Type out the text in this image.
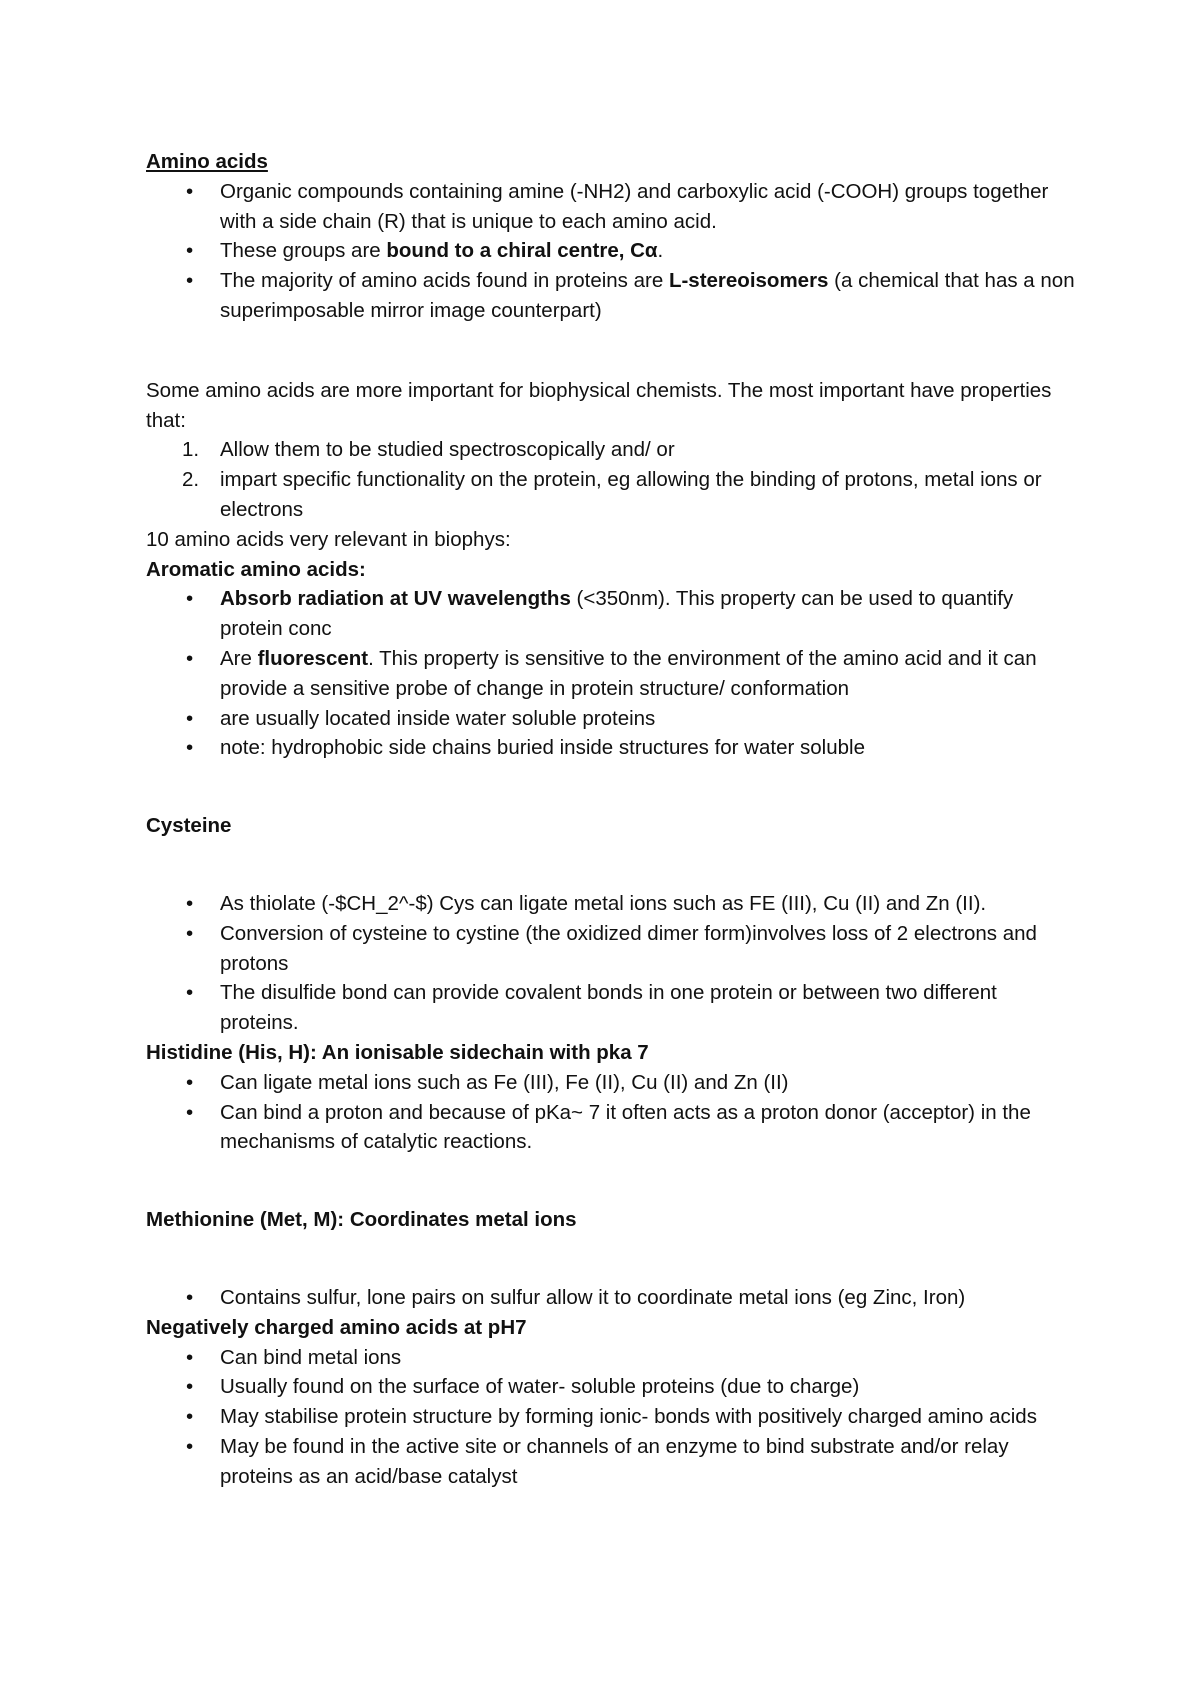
Amino acids

• Organic compounds containing amine (-NH2) and carboxylic acid (-COOH) groups together with a side chain (R) that is unique to each amino acid.
• These groups are bound to a chiral centre, Cα.
• The majority of amino acids found in proteins are L-stereoisomers (a chemical that has a non superimposable mirror image counterpart)

Some amino acids are more important for biophysical chemists. The most important have properties that:

1. Allow them to be studied spectroscopically and/ or
2. impart specific functionality on the protein, eg allowing the binding of protons, metal ions or electrons

10 amino acids very relevant in biophys:

Aromatic amino acids:

• Absorb radiation at UV wavelengths (<350nm). This property can be used to quantify protein conc
• Are fluorescent. This property is sensitive to the environment of the amino acid and it can provide a sensitive probe of change in protein structure/ conformation
• are usually located inside water soluble proteins
• note: hydrophobic side chains buried inside structures for water soluble

Cysteine

• As thiolate (-$CH_2^-$) Cys can ligate metal ions such as FE (III), Cu (II) and Zn (II).
• Conversion of cysteine to cystine (the oxidized dimer form)involves loss of 2 electrons and protons
• The disulfide bond can provide covalent bonds in one protein or between two different proteins.

Histidine (His, H): An ionisable sidechain with pka 7

• Can ligate metal ions such as Fe (III), Fe (II), Cu (II) and Zn (II)
• Can bind a proton and because of pKa~ 7 it often acts as a proton donor (acceptor) in the mechanisms of catalytic reactions.

Methionine (Met, M): Coordinates metal ions

• Contains sulfur, lone pairs on sulfur allow it to coordinate metal ions (eg Zinc, Iron)

Negatively charged amino acids at pH7

• Can bind metal ions
• Usually found on the surface of water- soluble proteins (due to charge)
• May stabilise protein structure by forming ionic- bonds with positively charged amino acids
• May be found in the active site or channels of an enzyme to bind substrate and/or relay proteins as an acid/base catalyst
